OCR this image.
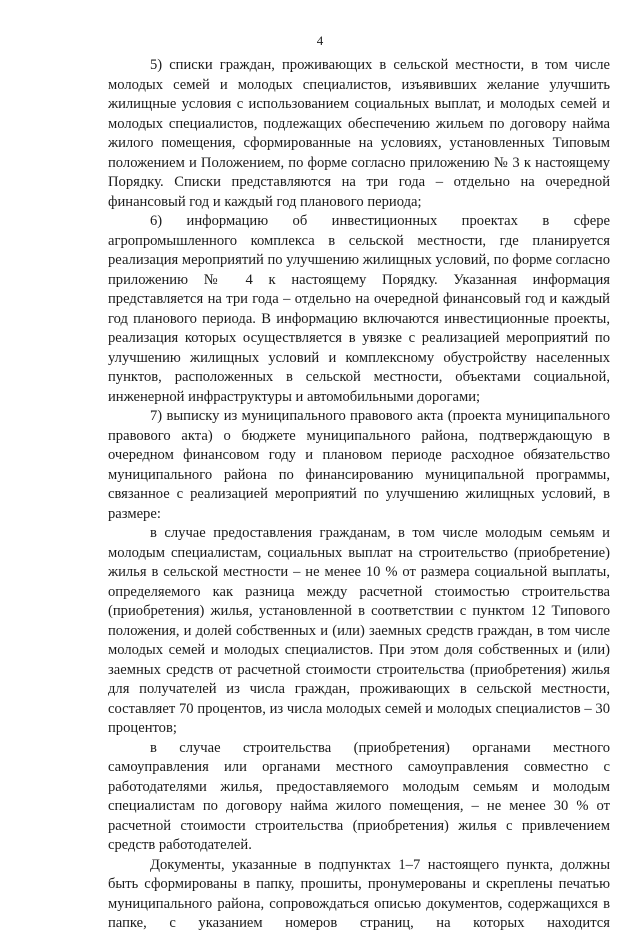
4

5) списки граждан, проживающих в сельской местности, в том числе молодых семей и молодых специалистов, изъявивших желание улучшить жилищные условия с использованием социальных выплат, и молодых семей и молодых специалистов, подлежащих обеспечению жильем по договору найма жилого помещения, сформированные на условиях, установленных Типовым положением и Положением, по форме согласно приложению № 3 к настоящему Порядку. Списки представляются на три года – отдельно на очередной финансовый год и каждый год планового периода;

6) информацию об инвестиционных проектах в сфере агропромышленного комплекса в сельской местности, где планируется реализация мероприятий по улучшению жилищных условий, по форме согласно приложению № 4 к настоящему Порядку. Указанная информация представляется на три года – отдельно на очередной финансовый год и каждый год планового периода. В информацию включаются инвестиционные проекты, реализация которых осуществляется в увязке с реализацией мероприятий по улучшению жилищных условий и комплексному обустройству населенных пунктов, расположенных в сельской местности, объектами социальной, инженерной инфраструктуры и автомобильными дорогами;

7) выписку из муниципального правового акта (проекта муниципального правового акта) о бюджете муниципального района, подтверждающую в очередном финансовом году и плановом периоде расходное обязательство муниципального района по финансированию муниципальной программы, связанное с реализацией мероприятий по улучшению жилищных условий, в размере:

в случае предоставления гражданам, в том числе молодым семьям и молодым специалистам, социальных выплат на строительство (приобретение) жилья в сельской местности – не менее 10 % от размера социальной выплаты, определяемого как разница между расчетной стоимостью строительства (приобретения) жилья, установленной в соответствии с пунктом 12 Типового положения, и долей собственных и (или) заемных средств граждан, в том числе молодых семей и молодых специалистов. При этом доля собственных и (или) заемных средств от расчетной стоимости строительства (приобретения) жилья для получателей из числа граждан, проживающих в сельской местности, составляет 70 процентов, из числа молодых семей и молодых специалистов – 30 процентов;

в случае строительства (приобретения) органами местного самоуправления или органами местного самоуправления совместно с работодателями жилья, предоставляемого молодым семьям и молодым специалистам по договору найма жилого помещения, – не менее 30 % от расчетной стоимости строительства (приобретения) жилья с привлечением средств работодателей.

Документы, указанные в подпунктах 1–7 настоящего пункта, должны быть сформированы в папку, прошиты, пронумерованы и скреплены печатью муниципального района, сопровождаться описью документов, содержащихся в папке, с указанием номеров страниц, на которых находится
